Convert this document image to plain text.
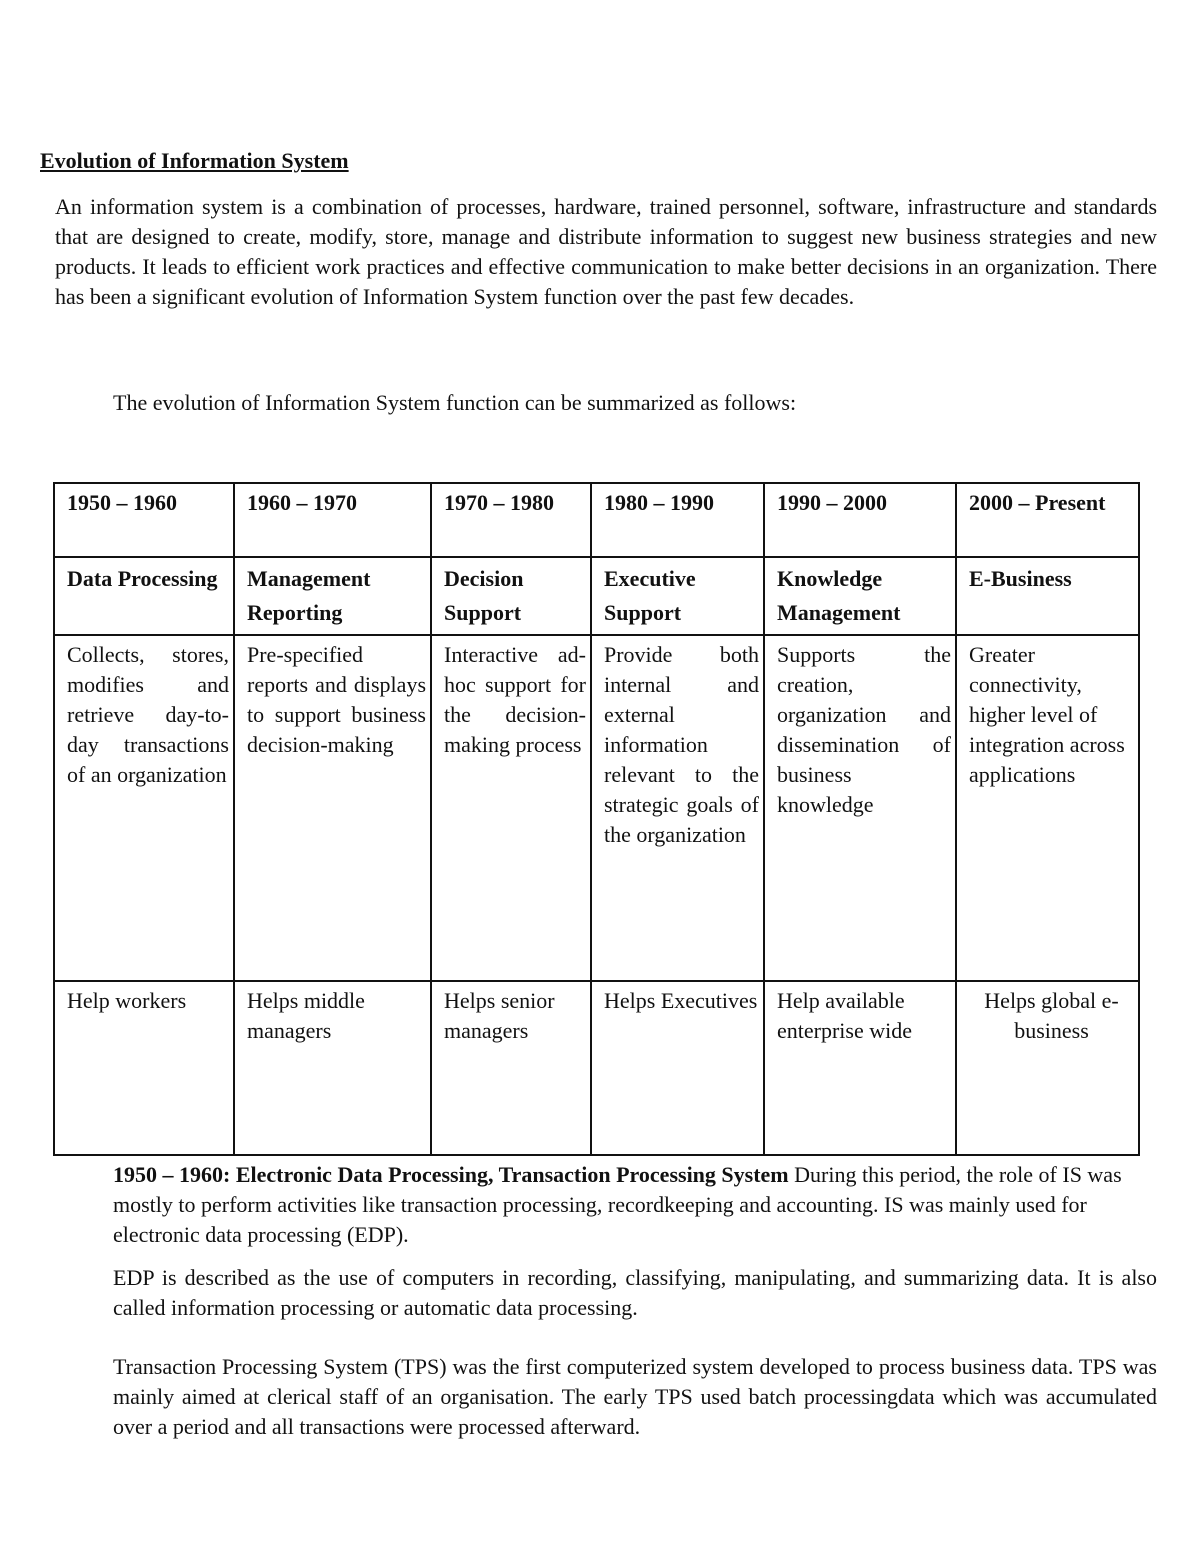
Evolution of Information System

An information system is a combination of processes, hardware, trained personnel, software, infrastructure and standards that are designed to create, modify, store, manage and distribute information to suggest new business strategies and new products. It leads to efficient work practices and effective communication to make better decisions in an organization. There has been a significant evolution of Information System function over the past few decades.

The evolution of Information System function can be summarized as follows:

1950 – 1960	1960 – 1970	1970 – 1980	1980 – 1990	1990 – 2000	2000 – Present
Data Processing	Management Reporting	Decision Support	Executive Support	Knowledge Management	E-Business

Collects, stores, modifies and retrieve day-to-day transactions of an organization	Pre-specified reports and displays to support business decision-making	Interactive ad-hoc support for the decision-making process	Provide both internal and external information relevant to the strategic goals of the organization	Supports the creation, organization and dissemination of business knowledge	Greater connectivity, higher level of integration across applications

Help workers	Helps middle managers	Helps senior managers	Helps Executives	Help available enterprise wide	Helps global e-business

1950 – 1960: Electronic Data Processing, Transaction Processing System During this period, the role of IS was mostly to perform activities like transaction processing, recordkeeping and accounting. IS was mainly used for electronic data processing (EDP).

EDP is described as the use of computers in recording, classifying, manipulating, and summarizing data. It is also called information processing or automatic data processing.

Transaction Processing System (TPS) was the first computerized system developed to process business data. TPS was mainly aimed at clerical staff of an organisation. The early TPS used batch processingdata which was accumulated over a period and all transactions were processed afterward.
